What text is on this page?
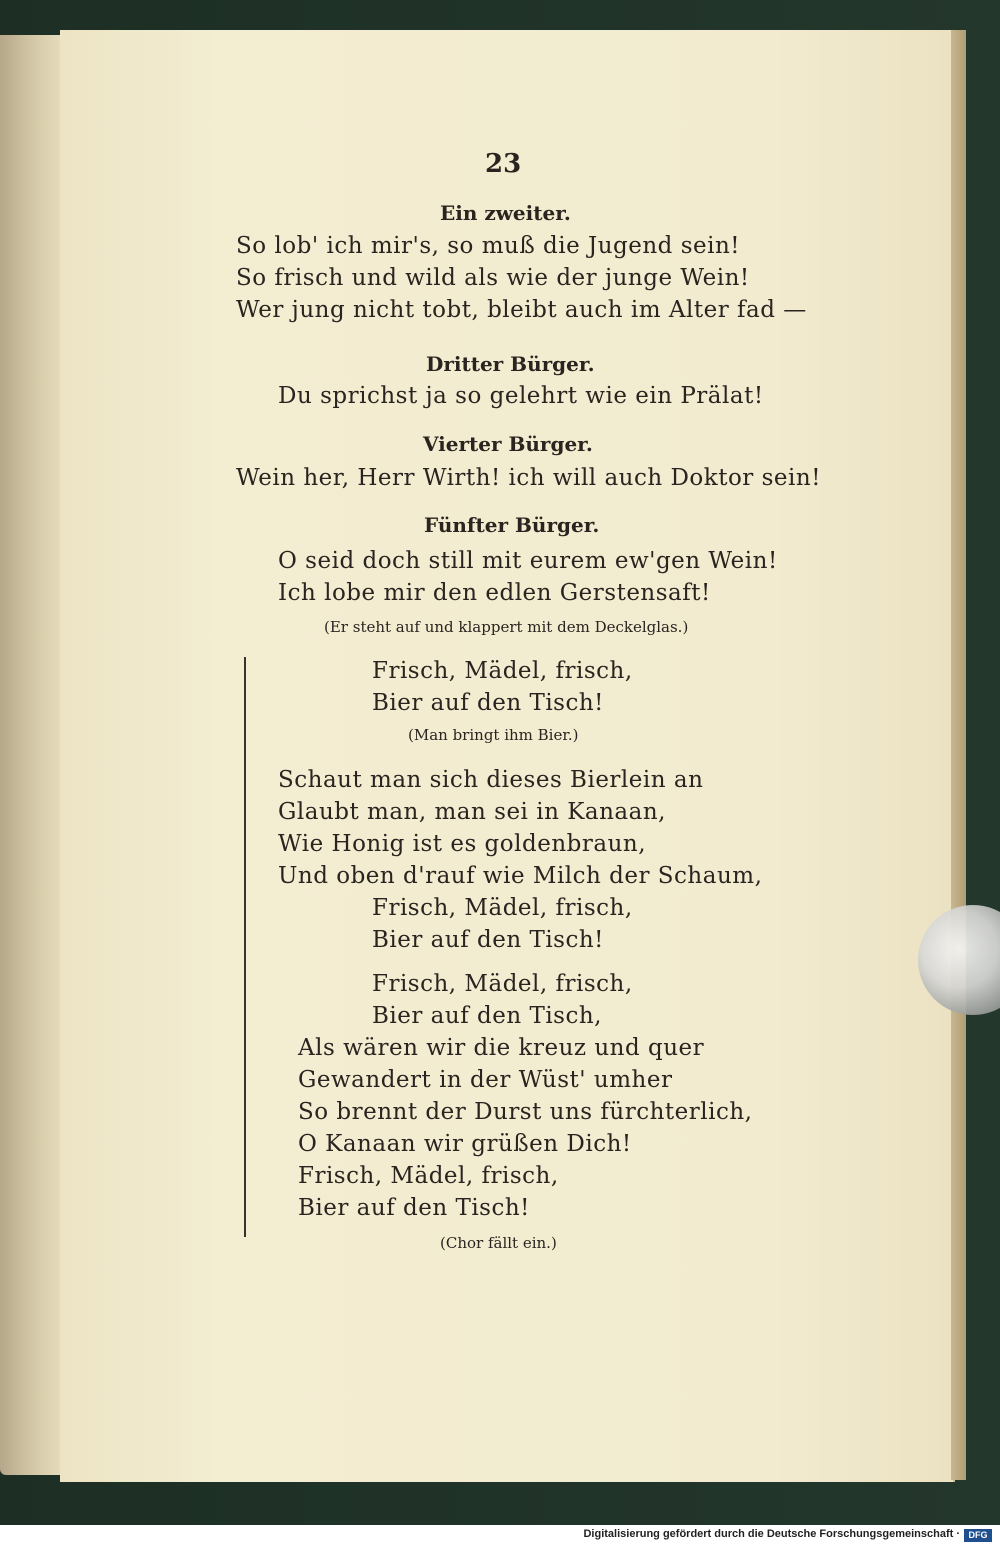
23
Ein zweiter.
So lob' ich mir's, so muß die Jugend sein!
So frisch und wild als wie der junge Wein!
Wer jung nicht tobt, bleibt auch im Alter fad —
Dritter Bürger.
Du sprichst ja so gelehrt wie ein Prälat!
Vierter Bürger.
Wein her, Herr Wirth! ich will auch Doktor sein!
Fünfter Bürger.
O seid doch still mit eurem ew'gen Wein!
Ich lobe mir den edlen Gerstensaft!
(Er steht auf und klappert mit dem Deckelglas.)
Frisch, Mädel, frisch,
Bier auf den Tisch!
(Man bringt ihm Bier.)
Schaut man sich dieses Bierlein an
Glaubt man, man sei in Kanaan,
Wie Honig ist es goldenbraun,
Und oben d'rauf wie Milch der Schaum,
Frisch, Mädel, frisch,
Bier auf den Tisch!
Frisch, Mädel, frisch,
Bier auf den Tisch,
Als wären wir die kreuz und quer
Gewandert in der Wüst' umher
So brennt der Durst uns fürchterlich,
O Kanaan wir grüßen Dich!
Frisch, Mädel, frisch,
Bier auf den Tisch!
(Chor fällt ein.)
Digitalisierung gefördert durch die Deutsche Forschungsgemeinschaft · DFG
